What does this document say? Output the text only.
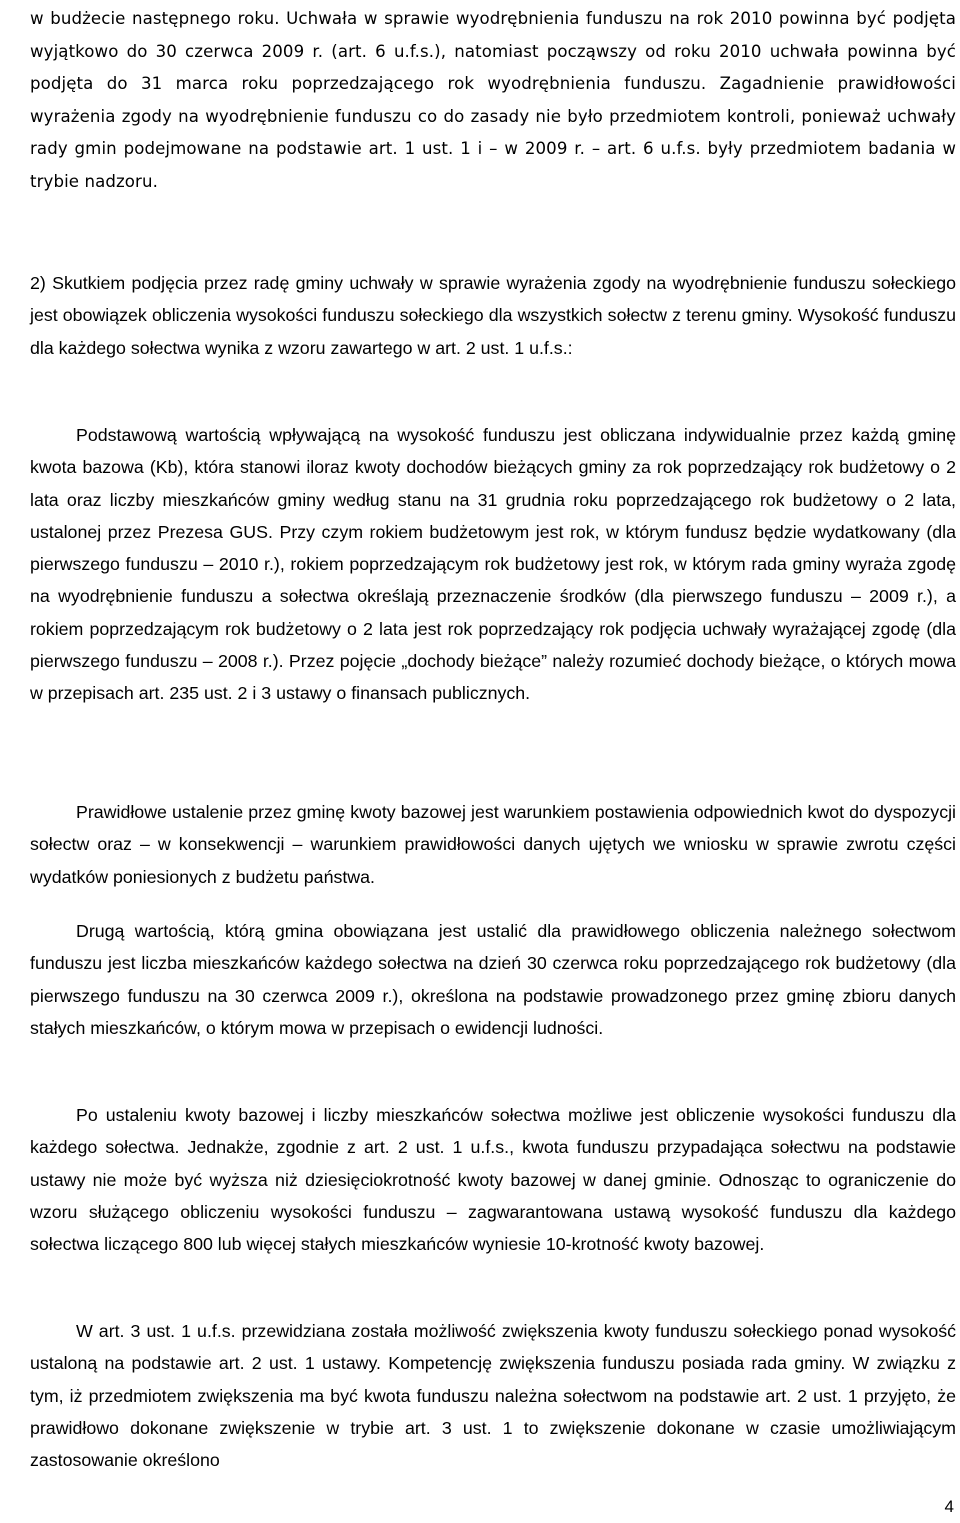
w budżecie następnego roku. Uchwała w sprawie wyodrębnienia funduszu na rok 2010 powinna być podjęta wyjątkowo do 30 czerwca 2009 r. (art. 6 u.f.s.), natomiast począwszy od roku 2010 uchwała powinna być podjęta do 31 marca roku poprzedzającego rok wyodrębnienia funduszu. Zagadnienie prawidłowości wyrażenia zgody na wyodrębnienie funduszu co do zasady nie było przedmiotem kontroli, ponieważ uchwały rady gmin podejmowane na podstawie art. 1 ust. 1 i – w 2009 r. – art. 6 u.f.s. były przedmiotem badania w trybie nadzoru.

2) Skutkiem podjęcia przez radę gminy uchwały w sprawie wyrażenia zgody na wyodrębnienie funduszu sołeckiego jest obowiązek obliczenia wysokości funduszu sołeckiego dla wszystkich sołectw z terenu gminy. Wysokość funduszu dla każdego sołectwa wynika z wzoru zawartego w art. 2 ust. 1 u.f.s.:

Podstawową wartością wpływającą na wysokość funduszu jest obliczana indywidualnie przez każdą gminę kwota bazowa (Kb), która stanowi iloraz kwoty dochodów bieżących gminy za rok poprzedzający rok budżetowy o 2 lata oraz liczby mieszkańców gminy według stanu na 31 grudnia roku poprzedzającego rok budżetowy o 2 lata, ustalonej przez Prezesa GUS. Przy czym rokiem budżetowym jest rok, w którym fundusz będzie wydatkowany (dla pierwszego funduszu – 2010 r.), rokiem poprzedzającym rok budżetowy jest rok, w którym rada gminy wyraża zgodę na wyodrębnienie funduszu a sołectwa określają przeznaczenie środków (dla pierwszego funduszu – 2009 r.), a rokiem poprzedzającym rok budżetowy o 2 lata jest rok poprzedzający rok podjęcia uchwały wyrażającej zgodę (dla pierwszego funduszu – 2008 r.). Przez pojęcie „dochody bieżące” należy rozumieć dochody bieżące, o których mowa w przepisach art. 235 ust. 2 i 3 ustawy o finansach publicznych.

Prawidłowe ustalenie przez gminę kwoty bazowej jest warunkiem postawienia odpowiednich kwot do dyspozycji sołectw oraz – w konsekwencji – warunkiem prawidłowości danych ujętych we wniosku w sprawie zwrotu części wydatków poniesionych z budżetu państwa.

Drugą wartością, którą gmina obowiązana jest ustalić dla prawidłowego obliczenia należnego sołectwom funduszu jest liczba mieszkańców każdego sołectwa na dzień 30 czerwca roku poprzedzającego rok budżetowy (dla pierwszego funduszu na 30 czerwca 2009 r.), określona na podstawie prowadzonego przez gminę zbioru danych stałych mieszkańców, o którym mowa w przepisach o ewidencji ludności.

Po ustaleniu kwoty bazowej i liczby mieszkańców sołectwa możliwe jest obliczenie wysokości funduszu dla każdego sołectwa. Jednakże, zgodnie z art. 2 ust. 1 u.f.s., kwota funduszu przypadająca sołectwu na podstawie ustawy nie może być wyższa niż dziesięciokrotność kwoty bazowej w danej gminie. Odnosząc to ograniczenie do wzoru służącego obliczeniu wysokości funduszu – zagwarantowana ustawą wysokość funduszu dla każdego sołectwa liczącego 800 lub więcej stałych mieszkańców wyniesie 10-krotność kwoty bazowej.

W art. 3 ust. 1 u.f.s. przewidziana została możliwość zwiększenia kwoty funduszu sołeckiego ponad wysokość ustaloną na podstawie art. 2 ust. 1 ustawy. Kompetencję zwiększenia funduszu posiada rada gminy. W związku z tym, iż przedmiotem zwiększenia ma być kwota funduszu należna sołectwom na podstawie art. 2 ust. 1 przyjęto, że prawidłowo dokonane zwiększenie w trybie art. 3 ust. 1 to zwiększenie dokonane w czasie umożliwiającym zastosowanie określono

4
